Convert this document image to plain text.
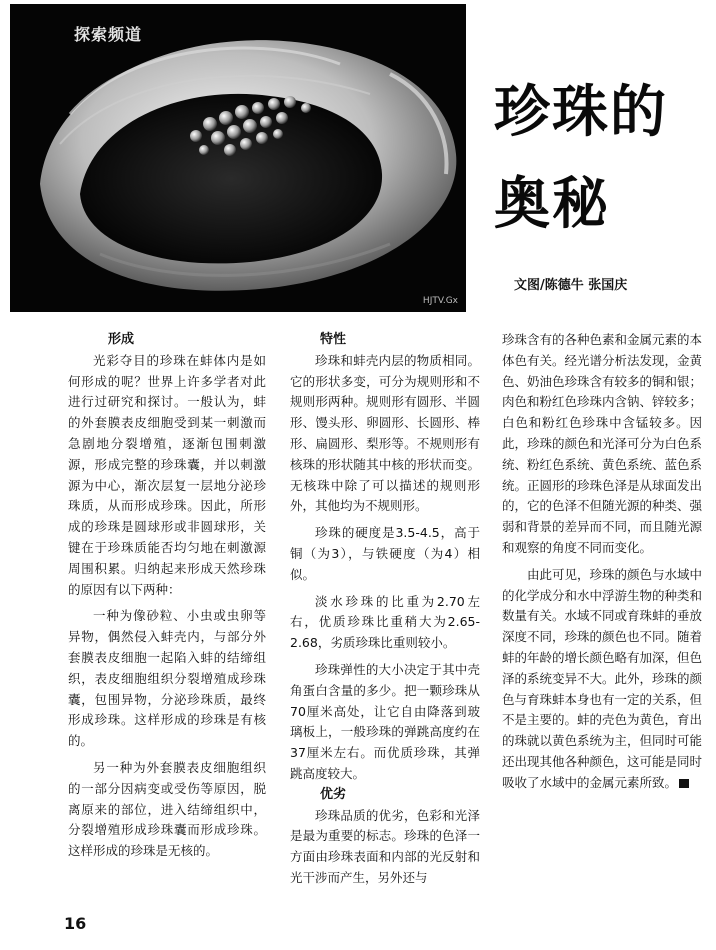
探索频道
HJTV.Gx
珍珠的
奥秘
文图/陈德牛 张国庆
形成

光彩夺目的珍珠在蚌体内是如何形成的呢？世界上许多学者对此进行过研究和探讨。一般认为，蚌的外套膜表皮细胞受到某一刺激而急剧地分裂增殖，逐渐包围刺激源，形成完整的珍珠囊，并以刺激源为中心，渐次层复一层地分泌珍珠质，从而形成珍珠。因此，所形成的珍珠是圆球形或非圆球形，关键在于珍珠质能否均匀地在刺激源周围积累。归纳起来形成天然珍珠的原因有以下两种：

一种为像砂粒、小虫或虫卵等异物，偶然侵入蚌壳内，与部分外套膜表皮细胞一起陷入蚌的结缔组织，表皮细胞组织分裂增殖成珍珠囊，包围异物，分泌珍珠质，最终形成珍珠。这样形成的珍珠是有核的。

另一种为外套膜表皮细胞组织的一部分因病变或受伤等原因，脱离原来的部位，进入结缔组织中，分裂增殖形成珍珠囊而形成珍珠。这样形成的珍珠是无核的。

特性

珍珠和蚌壳内层的物质相同。它的形状多变，可分为规则形和不规则形两种。规则形有圆形、半圆形、馒头形、卵圆形、长圆形、棒形、扁圆形、梨形等。不规则形有核珠的形状随其中核的形状而变。无核珠中除了可以描述的规则形外，其他均为不规则形。

珍珠的硬度是3.5-4.5，高于铜（为3），与铁硬度（为4）相似。

淡水珍珠的比重为2.70左右，优质珍珠比重稍大为2.65-2.68，劣质珍珠比重则较小。

珍珠弹性的大小决定于其中壳角蛋白含量的多少。把一颗珍珠从70厘米高处，让它自由降落到玻璃板上，一般珍珠的弹跳高度约在37厘米左右。而优质珍珠，其弹跳高度较大。

优劣

珍珠品质的优劣，色彩和光泽是最为重要的标志。珍珠的色泽一方面由珍珠表面和内部的光反射和光干涉而产生，另外还与

珍珠含有的各种色素和金属元素的本体色有关。经光谱分析法发现，金黄色、奶油色珍珠含有较多的铜和银；肉色和粉红色珍珠内含钠、锌较多；白色和粉红色珍珠中含锰较多。因此，珍珠的颜色和光泽可分为白色系统、粉红色系统、黄色系统、蓝色系统。正圆形的珍珠色泽是从球面发出的，它的色泽不但随光源的种类、强弱和背景的差异而不同，而且随光源和观察的角度不同而变化。

由此可见，珍珠的颜色与水域中的化学成分和水中浮游生物的种类和数量有关。水域不同或育珠蚌的垂放深度不同，珍珠的颜色也不同。随着蚌的年龄的增长颜色略有加深，但色泽的系统变异不大。此外，珍珠的颜色与育珠蚌本身也有一定的关系，但不是主要的。蚌的壳色为黄色，育出的珠就以黄色系统为主，但同时可能还出现其他各种颜色，这可能是同时吸收了水域中的金属元素所致。

16
